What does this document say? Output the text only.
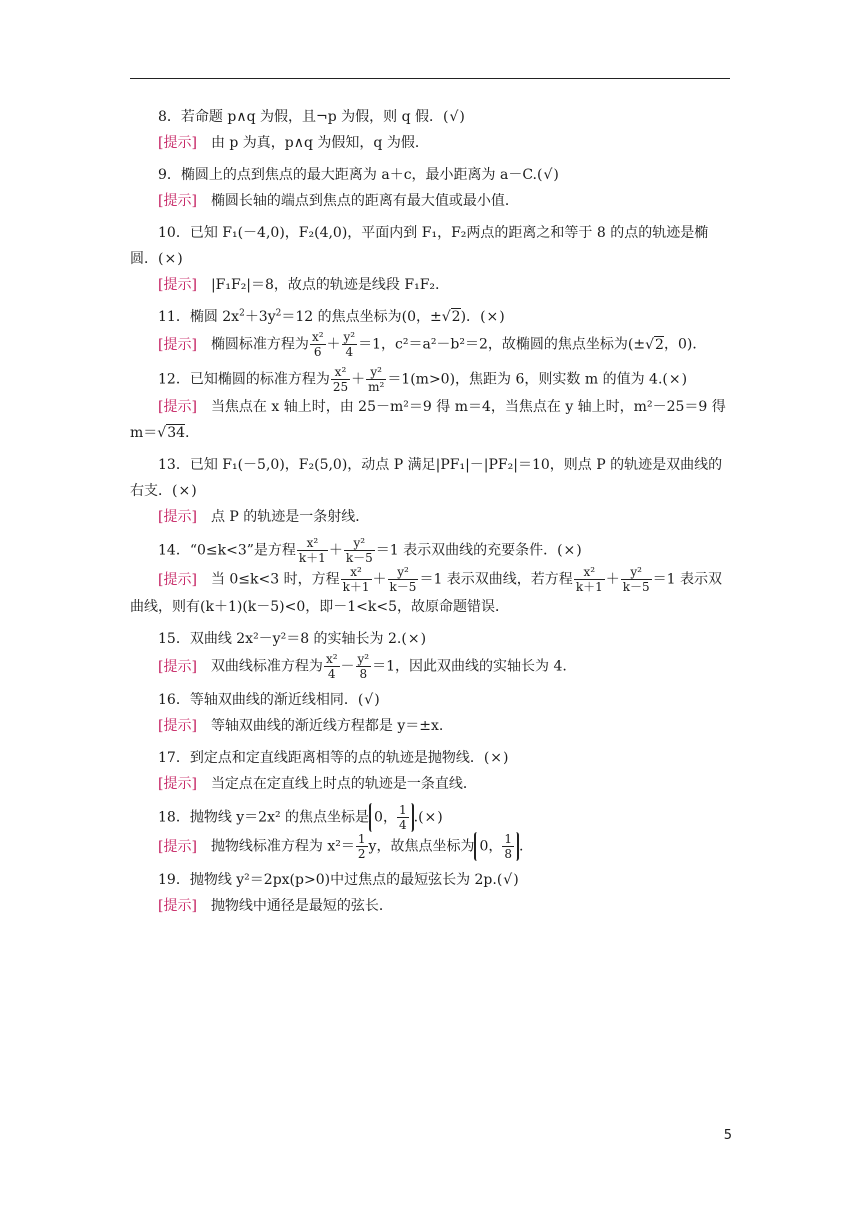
8．若命题 p∧q 为假，且¬p 为假，则 q 假．(√)
[提示] 由 p 为真，p∧q 为假知，q 为假．
9．椭圆上的点到焦点的最大距离为 a＋c，最小距离为 a－C.(√)
[提示] 椭圆长轴的端点到焦点的距离有最大值或最小值．
10．已知 F₁(－4,0)，F₂(4,0)，平面内到 F₁，F₂两点的距离之和等于 8 的点的轨迹是椭圆．(×)
[提示] |F₁F₂|＝8，故点的轨迹是线段 F₁F₂.
11．椭圆 $2x^2+3y^2=12$ 的焦点坐标为(0，±√2)．(×)
[提示] 椭圆标准方程为 $\frac{\text{x²}}{6} + \frac{\text{y²}}{4} =1$，c²＝a²－b²＝2，故椭圆的焦点坐标为(±√2，0)．
12．已知椭圆的标准方程为 $\frac{\text{x²}}{25} + \frac{\text{y²}}{\text{m²}} =1(m>0)$，焦距为 6，则实数 m 的值为 4.(×)
[提示] 当焦点在 x 轴上时，由 25－m²＝9 得 m＝4，当焦点在 y 轴上时，m²－25＝9 得
m＝√34.
13．已知 F₁(－5,0)，F₂(5,0)，动点 P 满足|PF₁|－|PF₂|＝10，则点 P 的轨迹是双曲线的右支．(×)
[提示] 点 P 的轨迹是一条射线．
14．“0≤k<3”是方程 $\frac{\text{x²}}{k+1} + \frac{\text{y²}}{k-5} =1$ 表示双曲线的充要条件．(×)
[提示] 当 0≤k<3 时，方程 $\frac{\text{x²}}{k+1} + \frac{\text{y²}}{k-5} =1$ 表示双曲线，若方程 $\frac{\text{x²}}{k+1} + \frac{\text{y²}}{k-5} =1$ 表示双
曲线，则有(k＋1)(k－5)<0，即－1<k<5，故原命题错误．
15．双曲线 2x²－y²＝8 的实轴长为 2.(×)
[提示] 双曲线标准方程为 $\frac{\text{x²}}{4} - \frac{\text{y²}}{8} =1$，因此双曲线的实轴长为 4.
16．等轴双曲线的渐近线相同．(√)
[提示] 等轴双曲线的渐近线方程都是 y＝±x.
17．到定点和定直线距离相等的点的轨迹是抛物线．(×)
[提示] 当定点在定直线上时点的轨迹是一条直线．
18．抛物线 y＝2x² 的焦点坐标是 0， $\frac{1}{4}$ .(×)
[提示] 抛物线标准方程为 $x^2= \frac{1}{2}$ y，故焦点坐标为 0， $\frac{1}{8}$ .
19．抛物线 y²＝2px(p>0)中过焦点的最短弦长为 2p.(√)
[提示] 抛物线中通径是最短的弦长．
5
